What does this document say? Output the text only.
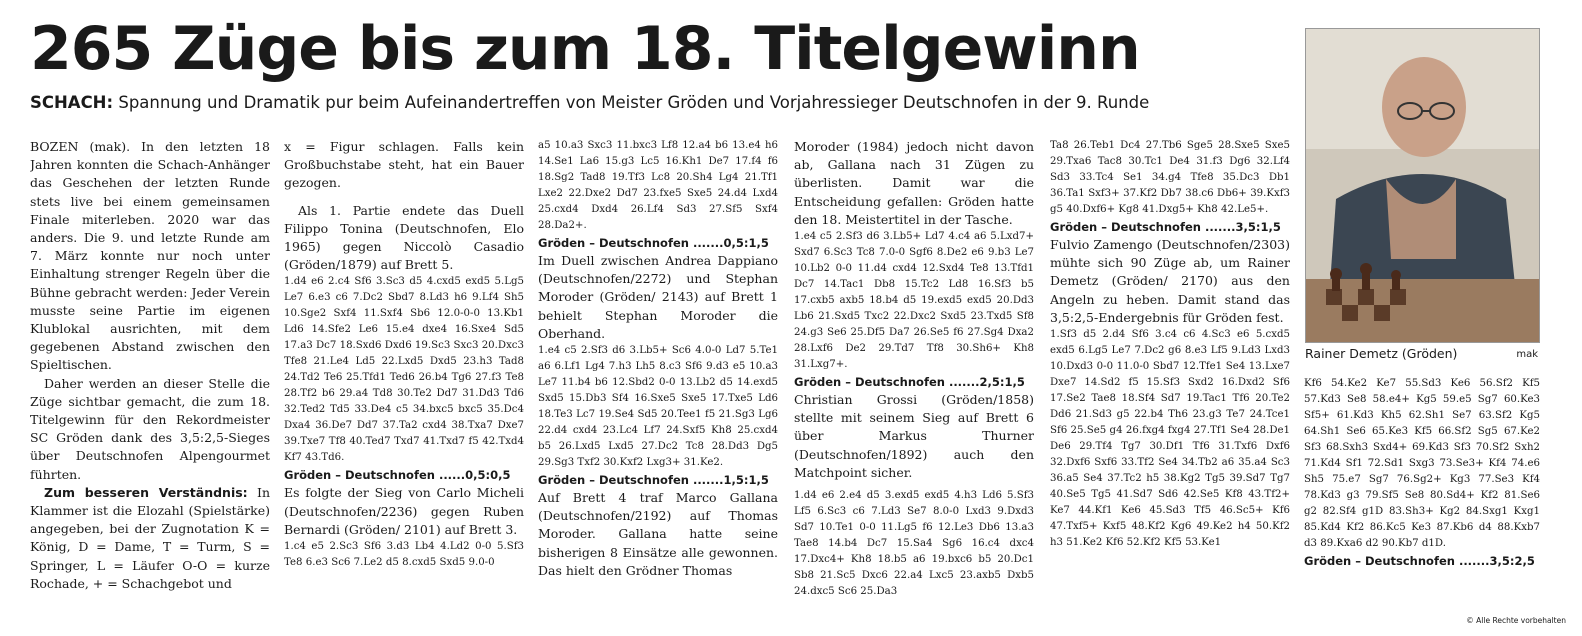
265 Züge bis zum 18. Titelgewinn

SCHACH: Spannung und Dramatik pur beim Aufeinandertreffen von Meister Gröden und Vorjahressieger Deutschnofen in der 9. Runde

BOZEN (mak). In den letzten 18 Jahren konnten die Schach-Anhänger das Geschehen der letzten Runde stets live bei einem gemeinsamen Finale miterleben. 2020 war das anders. Die 9. und letzte Runde am 7. März konnte nur noch unter Einhaltung strenger Regeln über die Bühne gebracht werden: Jeder Verein musste seine Partie im eigenen Klublokal ausrichten, mit dem gegebenen Abstand zwischen den Spieltischen.

Daher werden an dieser Stelle die Züge sichtbar gemacht, die zum 18. Titelgewinn für den Rekordmeister SC Gröden dank des 3,5:2,5-Sieges über Deutschnofen Alpengourmet führten.

Zum besseren Verständnis: In Klammer ist die Elozahl (Spielstärke) angegeben, bei der Zugnotation K = König, D = Dame, T = Turm, S = Springer, L = Läufer O-O = kurze Rochade, + = Schachgebot und

x = Figur schlagen. Falls kein Großbuchstabe steht, hat ein Bauer gezogen.

Als 1. Partie endete das Duell Filippo Tonina (Deutschnofen, Elo 1965) gegen Niccolò Casadio (Gröden/1879) auf Brett 5.

1.d4 e6 2.c4 Sf6 3.Sc3 d5 4.cxd5 exd5 5.Lg5 Le7 6.e3 c6 7.Dc2 Sbd7 8.Ld3 h6 9.Lf4 Sh5 10.Sge2 Sxf4 11.Sxf4 Sb6 12.0-0-0 13.Kb1 Ld6 14.Sfe2 Le6 15.e4 dxe4 16.Sxe4 Sd5 17.a3 Dc7 18.Sxd6 Dxd6 19.Sc3 Sxc3 20.Dxc3 Tfe8 21.Le4 Ld5 22.Lxd5 Dxd5 23.h3 Tad8 24.Td2 Te6 25.Tfd1 Ted6 26.b4 Tg6 27.f3 Te8 28.Tf2 b6 29.a4 Td8 30.Te2 Dd7 31.Dd3 Td6 32.Ted2 Td5 33.De4 c5 34.bxc5 bxc5 35.Dc4 Dxa4 36.De7 Dd7 37.Ta2 cxd4 38.Txa7 Dxe7 39.Txe7 Tf8 40.Ted7 Txd7 41.Txd7 f5 42.Txd4 Kf7 43.Td6.

Gröden – Deutschnofen ......0,5:0,5

Es folgte der Sieg von Carlo Micheli (Deutschnofen/2236) gegen Ruben Bernardi (Gröden/ 2101) auf Brett 3.

1.c4 e5 2.Sc3 Sf6 3.d3 Lb4 4.Ld2 0-0 5.Sf3 Te8 6.e3 Sc6 7.Le2 d5 8.cxd5 Sxd5 9.0-0

a5 10.a3 Sxc3 11.bxc3 Lf8 12.a4 b6 13.e4 h6 14.Se1 La6 15.g3 Lc5 16.Kh1 De7 17.f4 f6 18.Sg2 Tad8 19.Tf3 Lc8 20.Sh4 Lg4 21.Tf1 Lxe2 22.Dxe2 Dd7 23.fxe5 Sxe5 24.d4 Lxd4 25.cxd4 Dxd4 26.Lf4 Sd3 27.Sf5 Sxf4 28.Da2+.

Gröden – Deutschnofen .......0,5:1,5

Im Duell zwischen Andrea Dappiano (Deutschnofen/2272) und Stephan Moroder (Gröden/ 2143) auf Brett 1 behielt Stephan Moroder die Oberhand.

1.e4 c5 2.Sf3 d6 3.Lb5+ Sc6 4.0-0 Ld7 5.Te1 a6 6.Lf1 Lg4 7.h3 Lh5 8.c3 Sf6 9.d3 e5 10.a3 Le7 11.b4 b6 12.Sbd2 0-0 13.Lb2 d5 14.exd5 Sxd5 15.Db3 Sf4 16.Sxe5 Sxe5 17.Txe5 Ld6 18.Te3 Lc7 19.Se4 Sd5 20.Tee1 f5 21.Sg3 Lg6 22.d4 cxd4 23.Lc4 Lf7 24.Sxf5 Kh8 25.cxd4 b5 26.Lxd5 Lxd5 27.Dc2 Tc8 28.Dd3 Dg5 29.Sg3 Txf2 30.Kxf2 Lxg3+ 31.Ke2.

Gröden – Deutschnofen .......1,5:1,5

Auf Brett 4 traf Marco Gallana (Deutschnofen/2192) auf Thomas Moroder. Gallana hatte seine bisherigen 8 Einsätze alle gewonnen. Das hielt den Grödner Thomas

Moroder (1984) jedoch nicht davon ab, Gallana nach 31 Zügen zu überlisten. Damit war die Entscheidung gefallen: Gröden hatte den 18. Meistertitel in der Tasche.

1.e4 c5 2.Sf3 d6 3.Lb5+ Ld7 4.c4 a6 5.Lxd7+ Sxd7 6.Sc3 Tc8 7.0-0 Sgf6 8.De2 e6 9.b3 Le7 10.Lb2 0-0 11.d4 cxd4 12.Sxd4 Te8 13.Tfd1 Dc7 14.Tac1 Db8 15.Tc2 Ld8 16.Sf3 b5 17.cxb5 axb5 18.b4 d5 19.exd5 exd5 20.Dd3 Lb6 21.Sxd5 Txc2 22.Dxc2 Sxd5 23.Txd5 Sf8 24.g3 Se6 25.Df5 Da7 26.Se5 f6 27.Sg4 Dxa2 28.Lxf6 De2 29.Td7 Tf8 30.Sh6+ Kh8 31.Lxg7+.

Gröden – Deutschnofen .......2,5:1,5

Christian Grossi (Gröden/1858) stellte mit seinem Sieg auf Brett 6 über Markus Thurner (Deutschnofen/1892) auch den Matchpoint sicher.

1.d4 e6 2.e4 d5 3.exd5 exd5 4.h3 Ld6 5.Sf3 Lf5 6.Sc3 c6 7.Ld3 Se7 8.0-0 Lxd3 9.Dxd3 Sd7 10.Te1 0-0 11.Lg5 f6 12.Le3 Db6 13.a3 Tae8 14.b4 Dc7 15.Sa4 Sg6 16.c4 dxc4 17.Dxc4+ Kh8 18.b5 a6 19.bxc6 b5 20.Dc1 Sb8 21.Sc5 Dxc6 22.a4 Lxc5 23.axb5 Dxb5 24.dxc5 Sc6 25.Da3

Ta8 26.Teb1 Dc4 27.Tb6 Sge5 28.Sxe5 Sxe5 29.Txa6 Tac8 30.Tc1 De4 31.f3 Dg6 32.Lf4 Sd3 33.Tc4 Se1 34.g4 Tfe8 35.Dc3 Db1 36.Ta1 Sxf3+ 37.Kf2 Db7 38.c6 Db6+ 39.Kxf3 g5 40.Dxf6+ Kg8 41.Dxg5+ Kh8 42.Le5+.

Gröden – Deutschnofen .......3,5:1,5

Fulvio Zamengo (Deutschnofen/2303) mühte sich 90 Züge ab, um Rainer Demetz (Gröden/ 2170) aus den Angeln zu heben. Damit stand das 3,5:2,5-Endergebnis für Gröden fest.

1.Sf3 d5 2.d4 Sf6 3.c4 c6 4.Sc3 e6 5.cxd5 exd5 6.Lg5 Le7 7.Dc2 g6 8.e3 Lf5 9.Ld3 Lxd3 10.Dxd3 0-0 11.0-0 Sbd7 12.Tfe1 Se4 13.Lxe7 Dxe7 14.Sd2 f5 15.Sf3 Sxd2 16.Dxd2 Sf6 17.Se2 Tae8 18.Sf4 Sd7 19.Tac1 Tf6 20.Te2 Dd6 21.Sd3 g5 22.b4 Th6 23.g3 Te7 24.Tce1 Sf6 25.Se5 g4 26.fxg4 fxg4 27.Tf1 Se4 28.De1 De6 29.Tf4 Tg7 30.Df1 Tf6 31.Txf6 Dxf6 32.Dxf6 Sxf6 33.Tf2 Se4 34.Tb2 a6 35.a4 Sc3 36.a5 Se4 37.Tc2 h5 38.Kg2 Tg5 39.Sd7 Tg7 40.Se5 Tg5 41.Sd7 Sd6 42.Se5 Kf8 43.Tf2+ Ke7 44.Kf1 Ke6 45.Sd3 Tf5 46.Sc5+ Kf6 47.Txf5+ Kxf5 48.Kf2 Kg6 49.Ke2 h4 50.Kf2 h3 51.Ke2 Kf6 52.Kf2 Kf5 53.Ke1

Rainer Demetz (Gröden)	mak

Kf6 54.Ke2 Ke7 55.Sd3 Ke6 56.Sf2 Kf5 57.Kd3 Se8 58.e4+ Kg5 59.e5 Sg7 60.Ke3 Sf5+ 61.Kd3 Kh5 62.Sh1 Se7 63.Sf2 Kg5 64.Sh1 Se6 65.Ke3 Kf5 66.Sf2 Sg5 67.Ke2 Sf3 68.Sxh3 Sxd4+ 69.Kd3 Sf3 70.Sf2 Sxh2 71.Kd4 Sf1 72.Sd1 Sxg3 73.Se3+ Kf4 74.e6 Sh5 75.e7 Sg7 76.Sg2+ Kg3 77.Se3 Kf4 78.Kd3 g3 79.Sf5 Se8 80.Sd4+ Kf2 81.Se6 g2 82.Sf4 g1D 83.Sh3+ Kg2 84.Sxg1 Kxg1 85.Kd4 Kf2 86.Kc5 Ke3 87.Kb6 d4 88.Kxb7 d3 89.Kxa6 d2 90.Kb7 d1D.

Gröden – Deutschnofen .......3,5:2,5
© Alle Rechte vorbehalten
